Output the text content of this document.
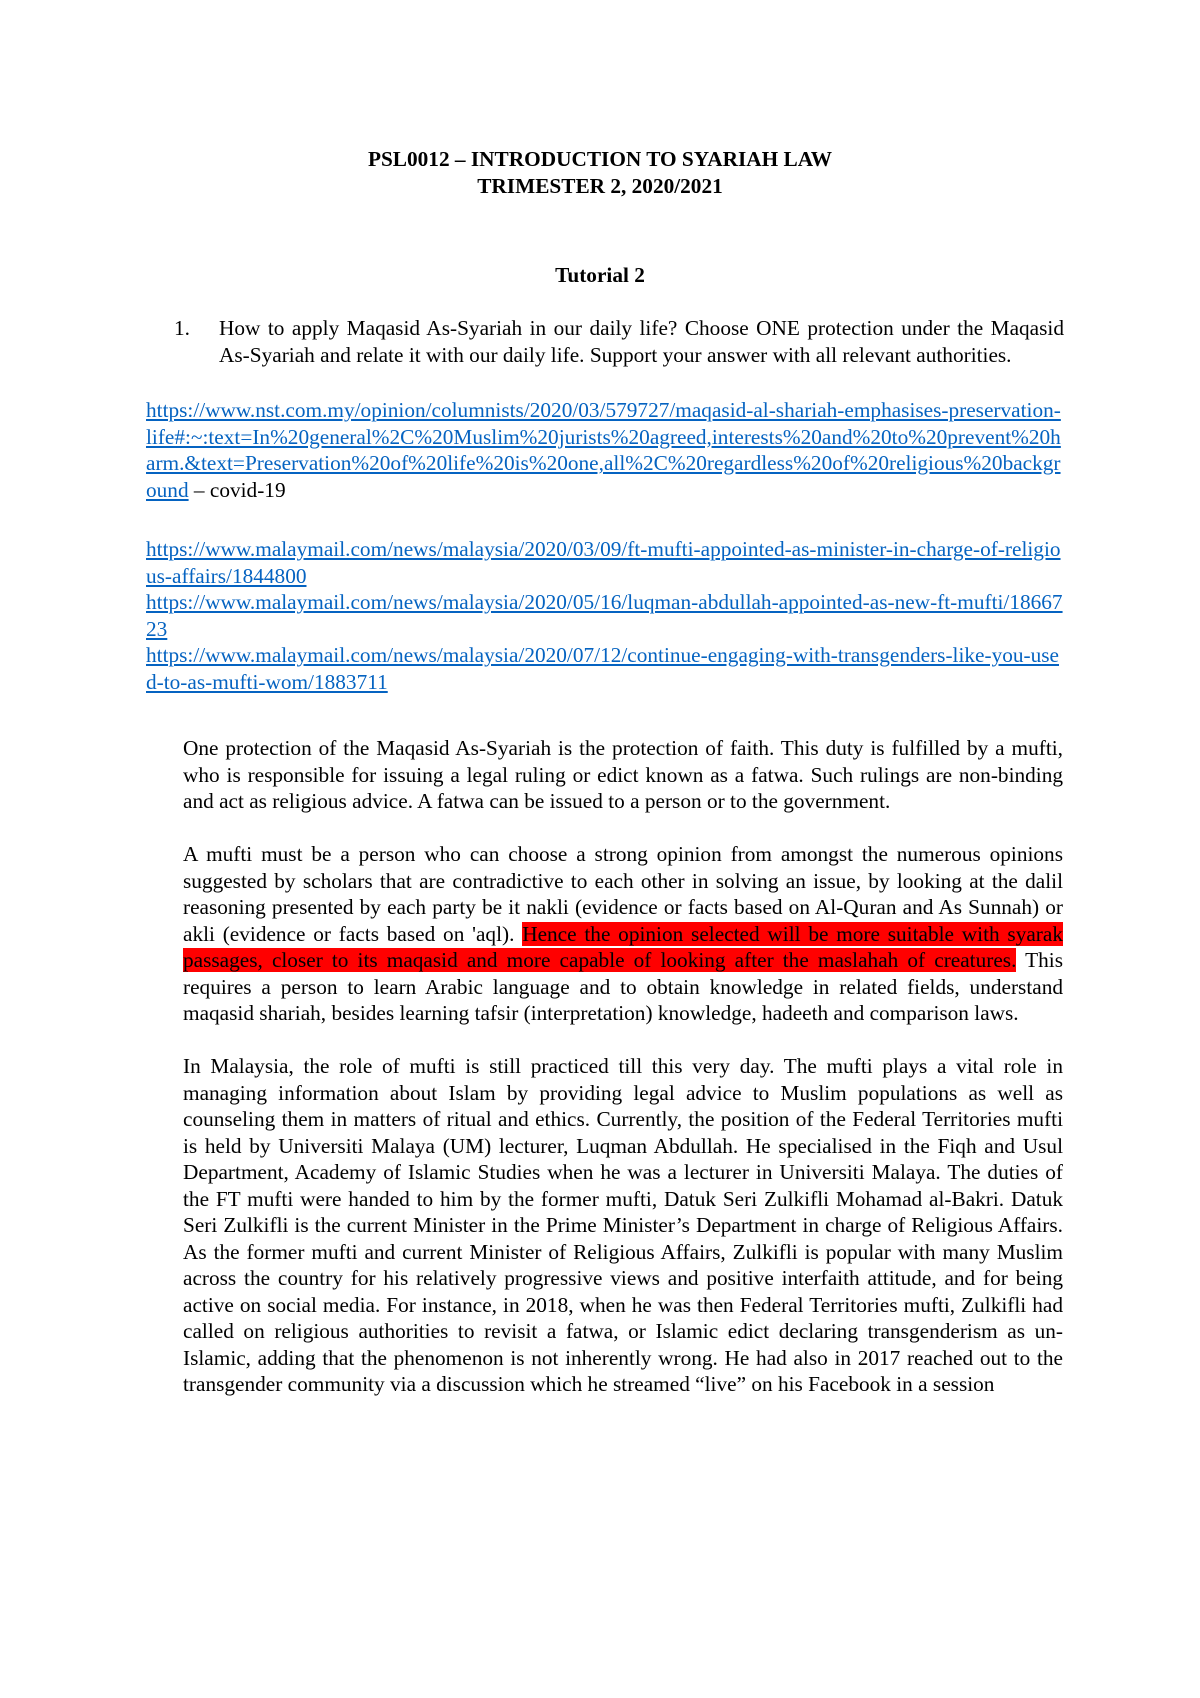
PSL0012 – INTRODUCTION TO SYARIAH LAW
TRIMESTER 2, 2020/2021
Tutorial 2
1.	How to apply Maqasid As-Syariah in our daily life? Choose ONE protection under the Maqasid As-Syariah and relate it with our daily life. Support your answer with all relevant authorities.
https://www.nst.com.my/opinion/columnists/2020/03/579727/maqasid-al-shariah-emphasises-preservation-life#:~:text=In%20general%2C%20Muslim%20jurists%20agreed,interests%20and%20to%20prevent%20harm.&text=Preservation%20of%20life%20is%20one,all%2C%20regardless%20of%20religious%20background – covid-19
https://www.malaymail.com/news/malaysia/2020/03/09/ft-mufti-appointed-as-minister-in-charge-of-religious-affairs/1844800
https://www.malaymail.com/news/malaysia/2020/05/16/luqman-abdullah-appointed-as-new-ft-mufti/1866723
https://www.malaymail.com/news/malaysia/2020/07/12/continue-engaging-with-transgenders-like-you-used-to-as-mufti-wom/1883711

One protection of the Maqasid As-Syariah is the protection of faith. This duty is fulfilled by a mufti, who is responsible for issuing a legal ruling or edict known as a fatwa. Such rulings are non-binding and act as religious advice. A fatwa can be issued to a person or to the government.

A mufti must be a person who can choose a strong opinion from amongst the numerous opinions suggested by scholars that are contradictive to each other in solving an issue, by looking at the dalil reasoning presented by each party be it nakli (evidence or facts based on Al-Quran and As Sunnah) or akli (evidence or facts based on 'aql). Hence the opinion selected will be more suitable with syarak passages, closer to its maqasid and more capable of looking after the maslahah of creatures. This requires a person to learn Arabic language and to obtain knowledge in related fields, understand maqasid shariah, besides learning tafsir (interpretation) knowledge, hadeeth and comparison laws.

In Malaysia, the role of mufti is still practiced till this very day. The mufti plays a vital role in managing information about Islam by providing legal advice to Muslim populations as well as counseling them in matters of ritual and ethics. Currently, the position of the Federal Territories mufti is held by Universiti Malaya (UM) lecturer, Luqman Abdullah. He specialised in the Fiqh and Usul Department, Academy of Islamic Studies when he was a lecturer in Universiti Malaya. The duties of the FT mufti were handed to him by the former mufti, Datuk Seri Zulkifli Mohamad al-Bakri. Datuk Seri Zulkifli is the current Minister in the Prime Minister’s Department in charge of Religious Affairs. As the former mufti and current Minister of Religious Affairs, Zulkifli is popular with many Muslim across the country for his relatively progressive views and positive interfaith attitude, and for being active on social media. For instance, in 2018, when he was then Federal Territories mufti, Zulkifli had called on religious authorities to revisit a fatwa, or Islamic edict declaring transgenderism as un-Islamic, adding that the phenomenon is not inherently wrong. He had also in 2017 reached out to the transgender community via a discussion which he streamed “live” on his Facebook in a session
